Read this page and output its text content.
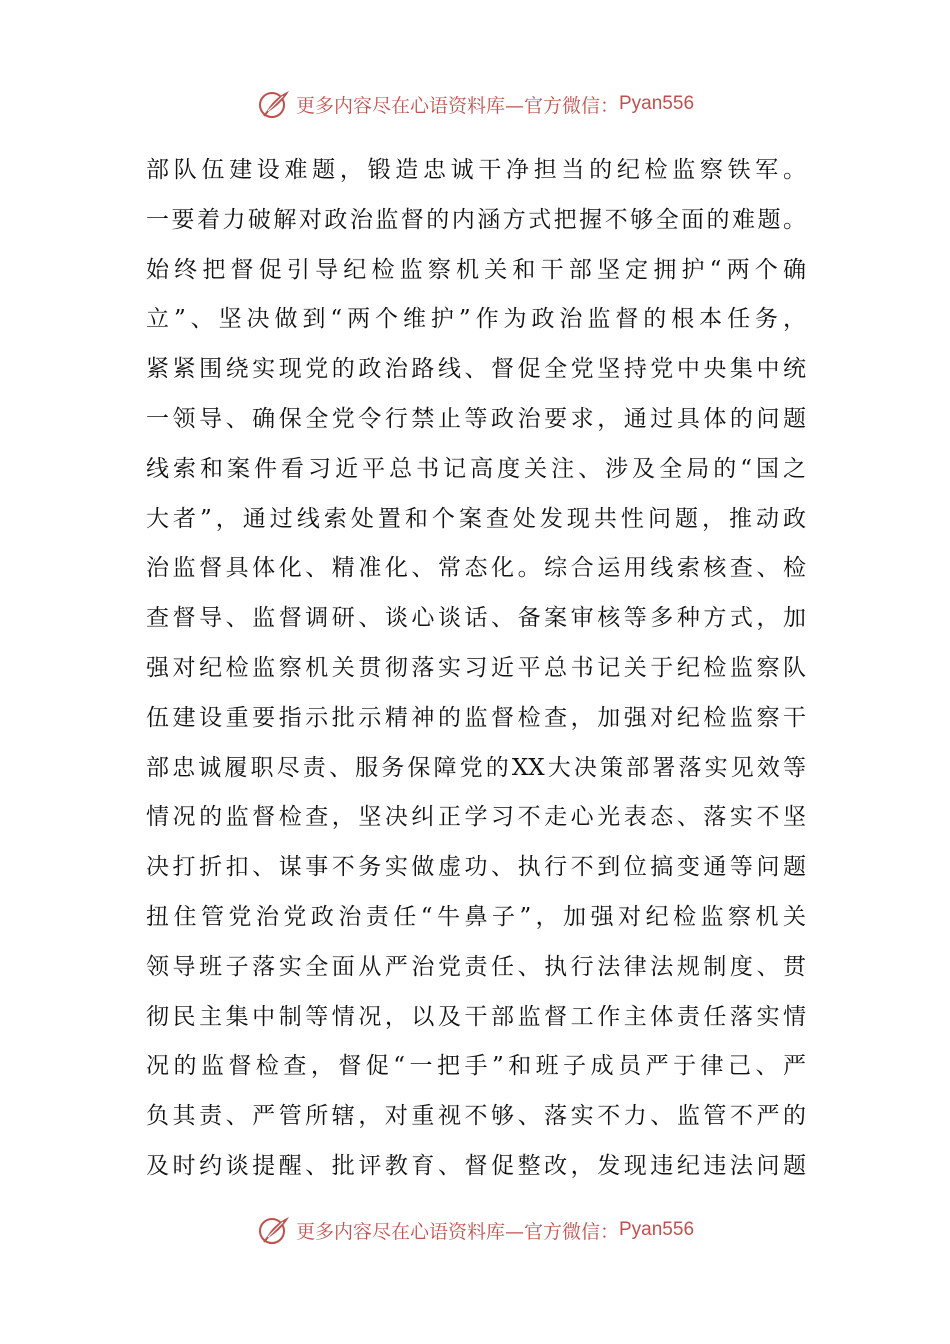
更多内容尽在心语资料库—官方微信： Pyan556
部队伍建设难题，锻造忠诚干净担当的纪检监察铁军。
一要着力破解对政治监督的内涵方式把握不够全面的难题。
始终把督促引导纪检监察机关和干部坚定拥护“两个确
立”、坚决做到“两个维护”作为政治监督的根本任务，
紧紧围绕实现党的政治路线、督促全党坚持党中央集中统
一领导、确保全党令行禁止等政治要求，通过具体的问题
线索和案件看习近平总书记高度关注、涉及全局的“国之
大者”，通过线索处置和个案查处发现共性问题，推动政
治监督具体化、精准化、常态化。综合运用线索核查、检
查督导、监督调研、谈心谈话、备案审核等多种方式，加
强对纪检监察机关贯彻落实习近平总书记关于纪检监察队
伍建设重要指示批示精神的监督检查，加强对纪检监察干
部忠诚履职尽责、服务保障党的XX大决策部署落实见效等
情况的监督检查，坚决纠正学习不走心光表态、落实不坚
决打折扣、谋事不务实做虚功、执行不到位搞变通等问题
扭住管党治党政治责任“牛鼻子”，加强对纪检监察机关
领导班子落实全面从严治党责任、执行法律法规制度、贯
彻民主集中制等情况，以及干部监督工作主体责任落实情
况的监督检查，督促“一把手”和班子成员严于律己、严
负其责、严管所辖，对重视不够、落实不力、监管不严的
及时约谈提醒、批评教育、督促整改，发现违纪违法问题
更多内容尽在心语资料库—官方微信： Pyan556
